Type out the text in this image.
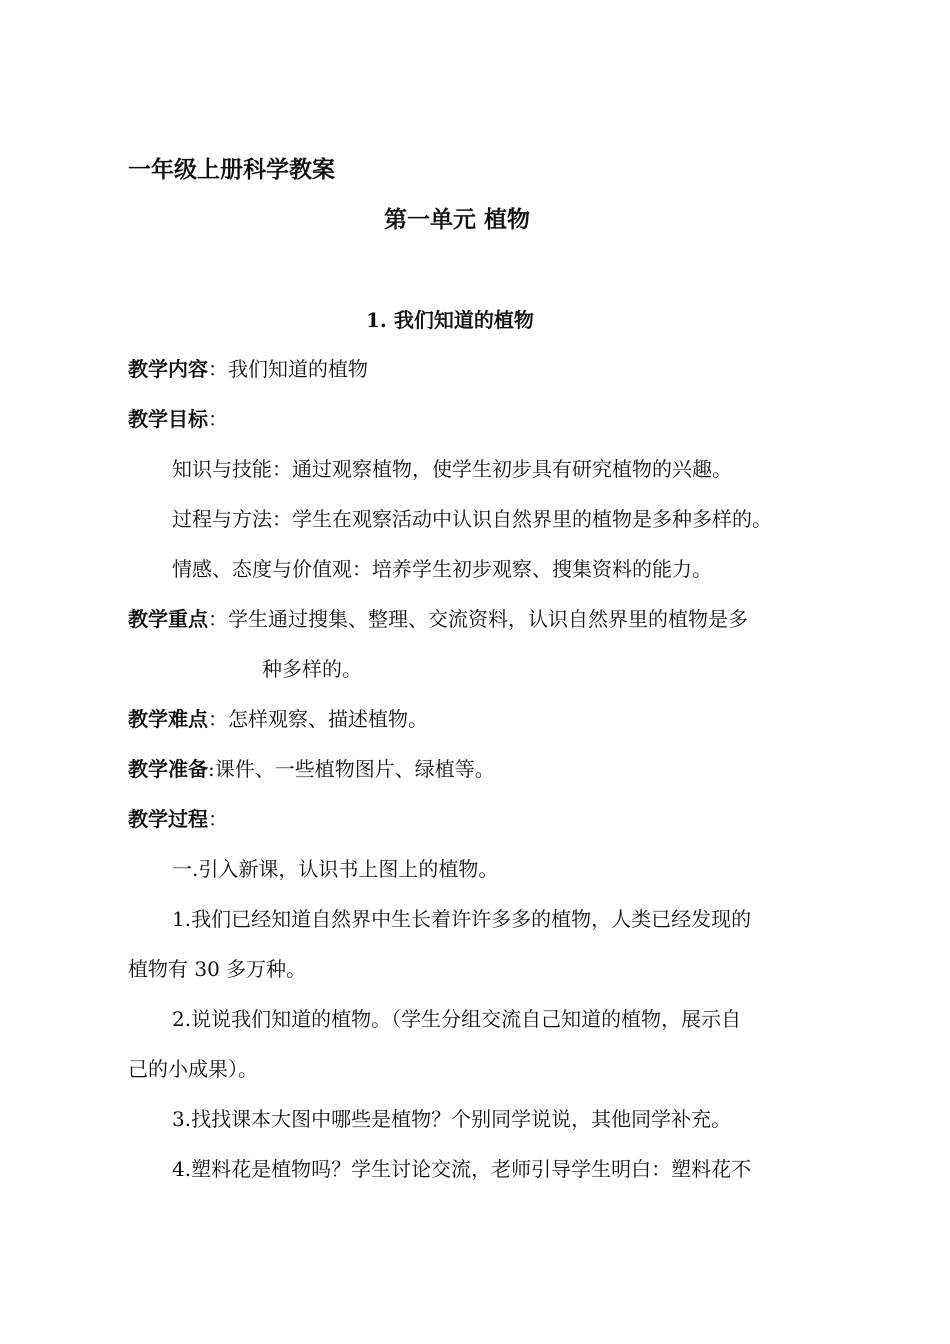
一年级上册科学教案
第一单元 植物
1. 我们知道的植物
教学内容：我们知道的植物
教学目标：
知识与技能：通过观察植物，使学生初步具有研究植物的兴趣。
过程与方法：学生在观察活动中认识自然界里的植物是多种多样的。
情感、态度与价值观：培养学生初步观察、搜集资料的能力。
教学重点：学生通过搜集、整理、交流资料，认识自然界里的植物是多
种多样的。
教学难点：怎样观察、描述植物。
教学准备:课件、一些植物图片、绿植等。
教学过程：
一.引入新课，认识书上图上的植物。
1.我们已经知道自然界中生长着许许多多的植物，人类已经发现的
植物有 30 多万种。
2.说说我们知道的植物。（学生分组交流自己知道的植物，展示自
己的小成果）。
3.找找课本大图中哪些是植物？个别同学说说，其他同学补充。
4.塑料花是植物吗？学生讨论交流，老师引导学生明白：塑料花不
